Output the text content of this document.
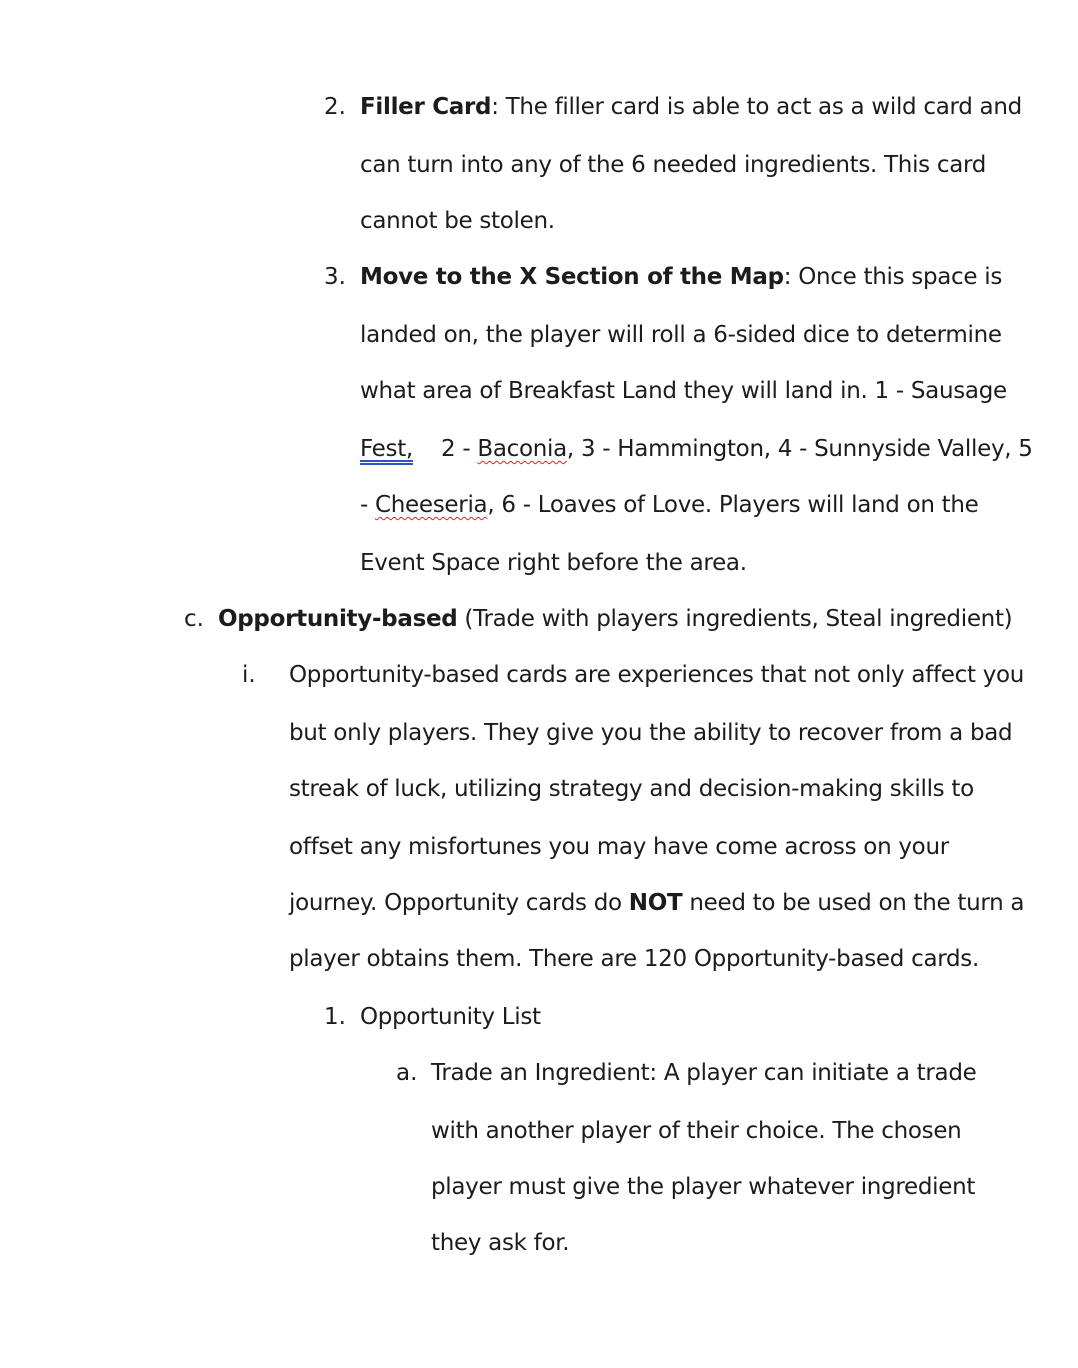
2. Filler Card: The filler card is able to act as a wild card and
can turn into any of the 6 needed ingredients. This card
cannot be stolen.
3. Move to the X Section of the Map: Once this space is
landed on, the player will roll a 6-sided dice to determine
what area of Breakfast Land they will land in. 1 - Sausage
Fest, 2 - Baconia, 3 - Hammington, 4 - Sunnyside Valley, 5
- Cheeseria, 6 - Loaves of Love. Players will land on the
Event Space right before the area.
c. Opportunity-based (Trade with players ingredients, Steal ingredient)
i. Opportunity-based cards are experiences that not only affect you
but only players. They give you the ability to recover from a bad
streak of luck, utilizing strategy and decision-making skills to
offset any misfortunes you may have come across on your
journey. Opportunity cards do NOT need to be used on the turn a
player obtains them. There are 120 Opportunity-based cards.
1. Opportunity List
a. Trade an Ingredient: A player can initiate a trade
with another player of their choice. The chosen
player must give the player whatever ingredient
they ask for.
